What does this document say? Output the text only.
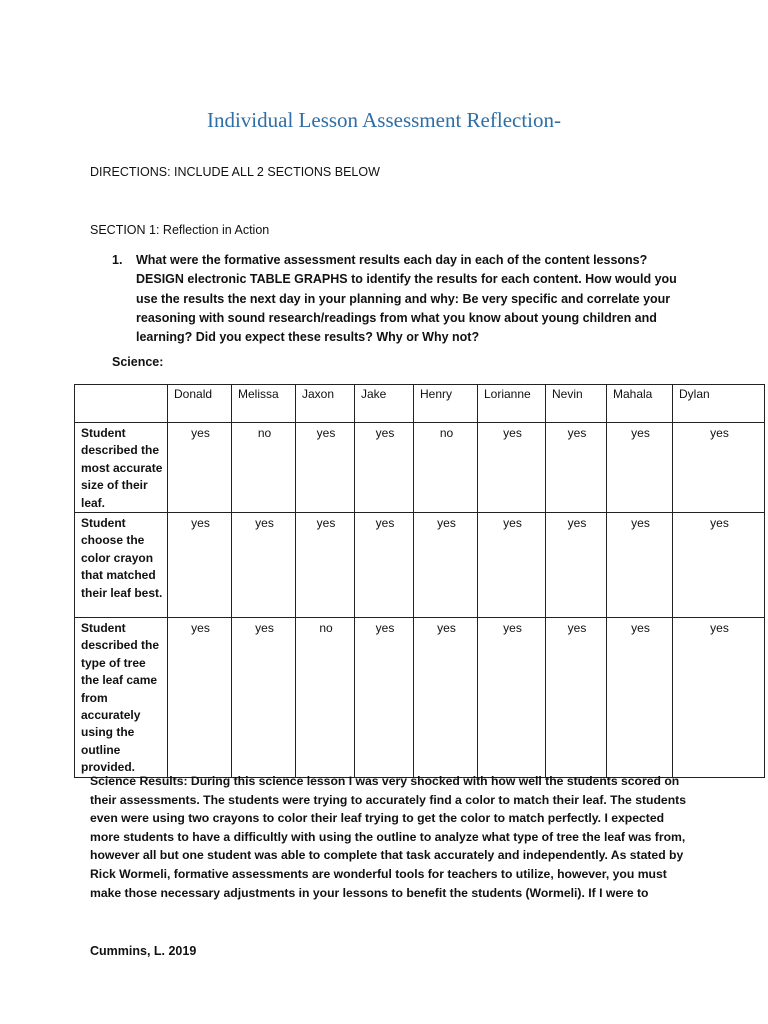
Individual Lesson Assessment Reflection-
DIRECTIONS: INCLUDE ALL 2 SECTIONS BELOW
SECTION 1: Reflection in Action
1. What were the formative assessment results each day in each of the content lessons? DESIGN electronic TABLE GRAPHS to identify the results for each content. How would you use the results the next day in your planning and why: Be very specific and correlate your reasoning with sound research/readings from what you know about young children and learning? Did you expect these results? Why or Why not?
Science:
	Donald	Melissa	Jaxon	Jake	Henry	Lorianne	Nevin	Mahala	Dylan
Student described the most accurate size of their leaf.	yes	no	yes	yes	no	yes	yes	yes	yes
Student choose the color crayon that matched their leaf best.	yes	yes	yes	yes	yes	yes	yes	yes	yes
Student described the type of tree the leaf came from accurately using the outline provided.	yes	yes	no	yes	yes	yes	yes	yes	yes
Science Results: During this science lesson I was very shocked with how well the students scored on their assessments. The students were trying to accurately find a color to match their leaf. The students even were using two crayons to color their leaf trying to get the color to match perfectly. I expected more students to have a difficultly with using the outline to analyze what type of tree the leaf was from, however all but one student was able to complete that task accurately and independently. As stated by Rick Wormeli, formative assessments are wonderful tools for teachers to utilize, however, you must make those necessary adjustments in your lessons to benefit the students (Wormeli). If I were to
Cummins, L. 2019
